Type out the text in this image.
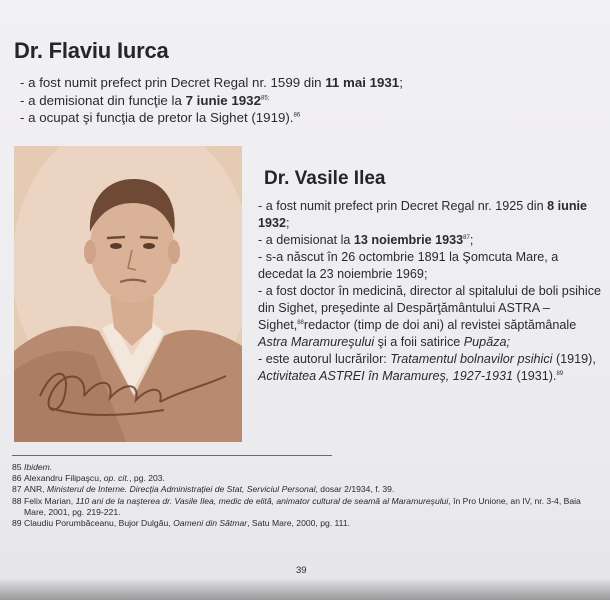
Dr. Flaviu Iurca
- a fost numit prefect prin Decret Regal nr. 1599 din 11 mai 1931;
- a demisionat din funcţie la 7 iunie $1932^{85;}$
- a ocupat şi funcţia de pretor la Sighet (1919).$^{86}$
Dr. Vasile Ilea
- a fost numit prefect prin Decret Regal nr. 1925 din 8 iunie 1932;
- a demisionat la 13 noiembrie 1933$^{87}$;
- s-a născut în 26 octombrie 1891 la Şomcuta Mare, a decedat la 23 noiembrie 1969;
- a fost doctor în medicină, director al spitalului de boli psihice din Sighet, preşedinte al Despărţământului ASTRA – Sighet,$^{88}$redactor (timp de doi ani) al revistei săptămânale Astra Maramureşului şi a foii satirice Pupăza;
- este autorul lucrărilor: Tratamentul bolnavilor psihici (1919), Activitatea ASTREI în Maramureş, 1927-1931 (1931).$^{89}$
85 Ibidem.
86 Alexandru Filipaşcu, op. cit., pg. 203.
87 ANR, Ministerul de Interne. Direcţia Administraţiei de Stat, Serviciul Personal, dosar 2/1934, f. 39.
88 Felix Marian, 110 ani de la naşterea dr. Vasile Ilea, medic de elită, animator cultural de seamă al Maramureşului, în Pro Unione, an IV, nr. 3-4, Baia Mare, 2001, pg. 219-221.
89 Claudiu Porumbăceanu, Bujor Dulgău, Oameni din Sătmar, Satu Mare, 2000, pg. 111.
39
